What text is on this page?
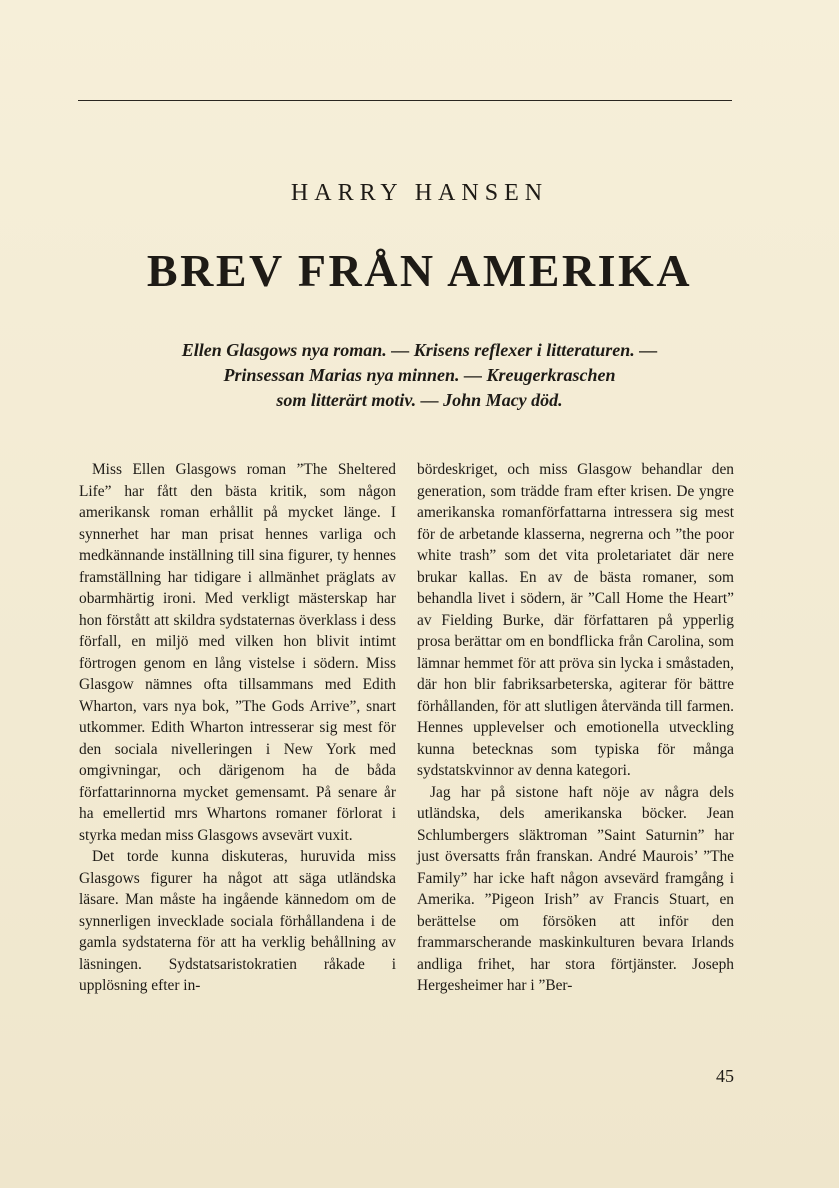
HARRY HANSEN
BREV FRÅN AMERIKA
Ellen Glasgows nya roman. — Krisens reflexer i litteraturen. —
Prinsessan Marias nya minnen. — Kreugerkraschen
som litterärt motiv. — John Macy död.

Miss Ellen Glasgows roman ”The Sheltered Life” har fått den bästa kritik, som någon amerikansk roman erhållit på mycket länge. I synnerhet har man prisat hennes varliga och medkännande inställning till sina figurer, ty hennes framställning har tidigare i allmänhet präglats av obarmhärtig ironi. Med verkligt mästerskap har hon förstått att skildra sydstaternas överklass i dess förfall, en miljö med vilken hon blivit intimt förtrogen genom en lång vistelse i södern. Miss Glasgow nämnes ofta tillsammans med Edith Wharton, vars nya bok, ”The Gods Arrive”, snart utkommer. Edith Wharton intresserar sig mest för den sociala nivelleringen i New York med omgivningar, och därigenom ha de båda författarinnorna mycket gemensamt. På senare år ha emellertid mrs Whartons romaner förlorat i styrka medan miss Glasgows avsevärt vuxit.

Det torde kunna diskuteras, huruvida miss Glasgows figurer ha något att säga utländska läsare. Man måste ha ingående kännedom om de synnerligen invecklade sociala förhållandena i de gamla sydstaterna för att ha verklig behållning av läsningen. Sydstatsaristokratien råkade i upplösning efter in-

bördeskriget, och miss Glasgow behandlar den generation, som trädde fram efter krisen. De yngre amerikanska romanförfattarna intressera sig mest för de arbetande klasserna, negrerna och ”the poor white trash” som det vita proletariatet där nere brukar kallas. En av de bästa romaner, som behandla livet i södern, är ”Call Home the Heart” av Fielding Burke, där författaren på ypperlig prosa berättar om en bondflicka från Carolina, som lämnar hemmet för att pröva sin lycka i småstaden, där hon blir fabriksarbeterska, agiterar för bättre förhållanden, för att slutligen återvända till farmen. Hennes upplevelser och emotionella utveckling kunna betecknas som typiska för många sydstatskvinnor av denna kategori.

Jag har på sistone haft nöje av några dels utländska, dels amerikanska böcker. Jean Schlumbergers släktroman ”Saint Saturnin” har just översatts från franskan. André Maurois’ ”The Family” har icke haft någon avsevärd framgång i Amerika. ”Pigeon Irish” av Francis Stuart, en berättelse om försöken att inför den frammarscherande maskinkulturen bevara Irlands andliga frihet, har stora förtjänster. Joseph Hergesheimer har i ”Ber-

45
